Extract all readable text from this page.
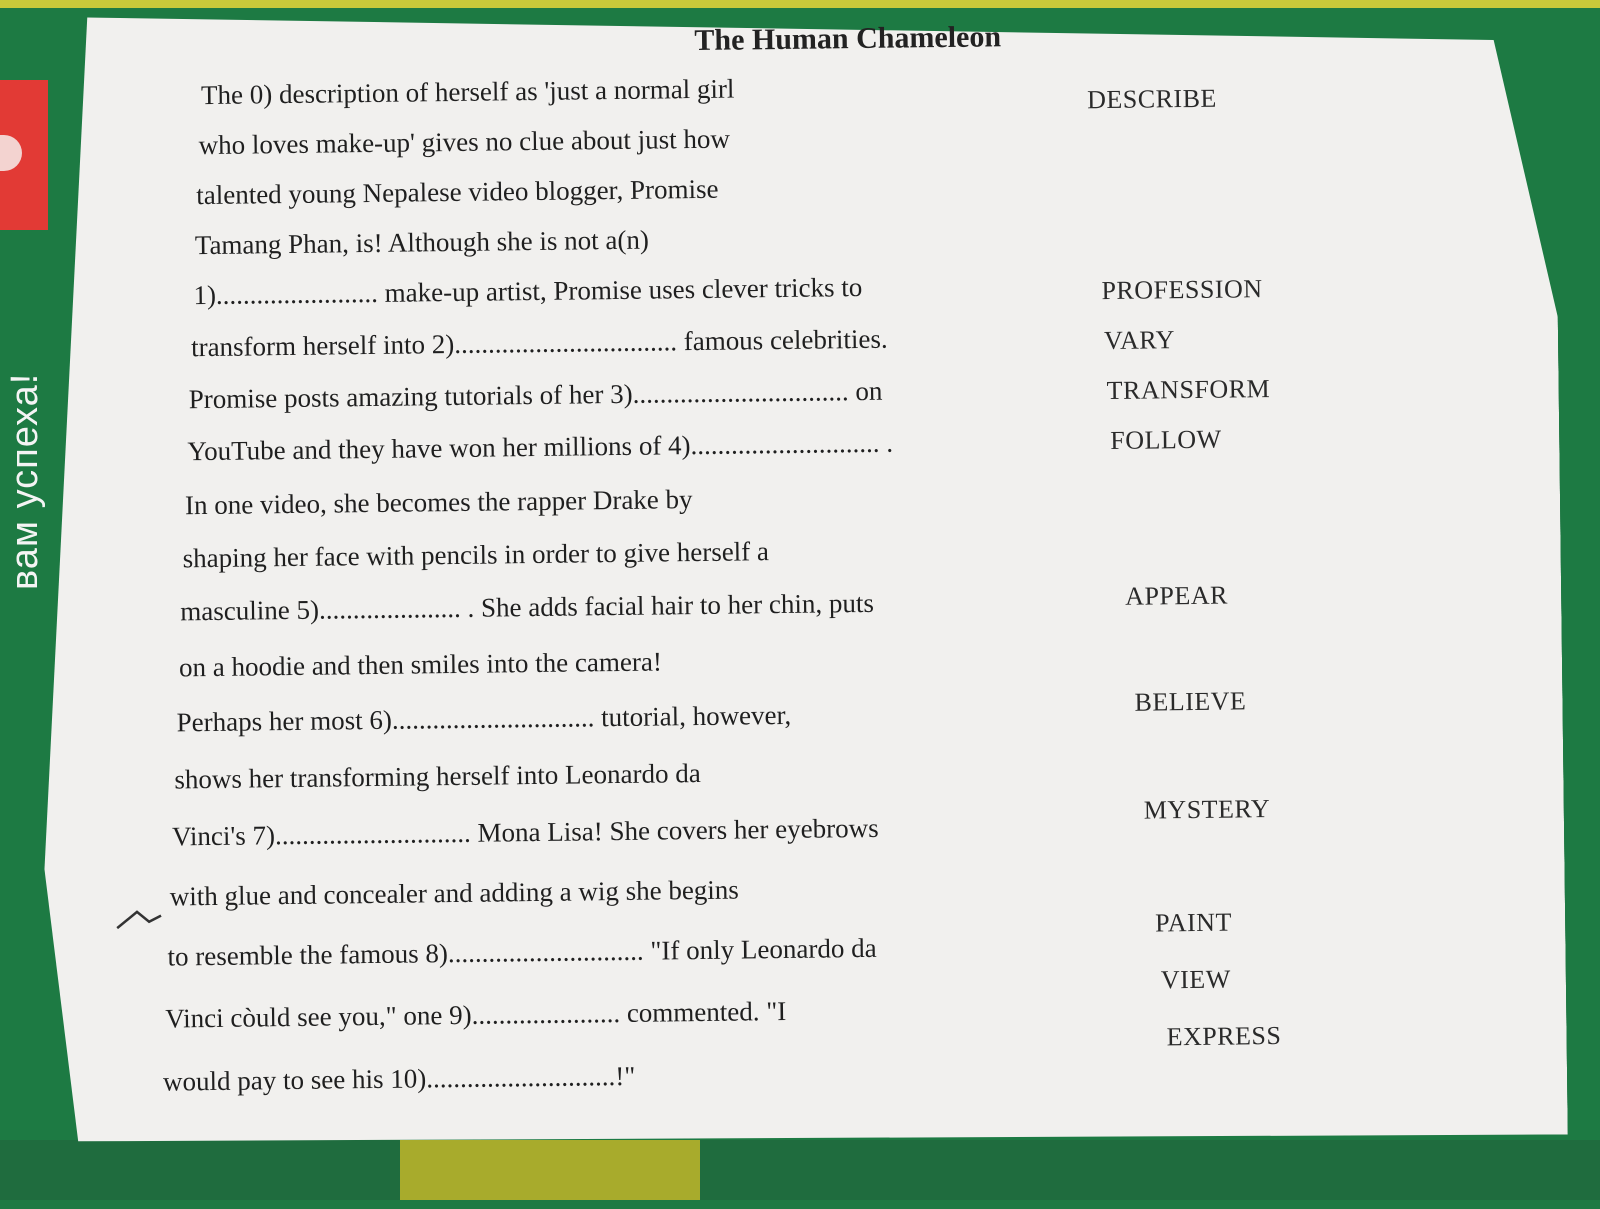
вам успеха!
The Human Chameleon
The 0) description of herself as 'just a normal girl
who loves make-up' gives no clue about just how
talented young Nepalese video blogger, Promise
Tamang Phan, is! Although she is not a(n)
1)........................ make-up artist, Promise uses clever tricks to
transform herself into 2)................................. famous celebrities.
Promise posts amazing tutorials of her 3)................................ on
YouTube and they have won her millions of 4)............................ .
In one video, she becomes the rapper Drake by
shaping her face with pencils in order to give herself a
masculine 5)..................... . She adds facial hair to her chin, puts
on a hoodie and then smiles into the camera!
Perhaps her most 6).............................. tutorial, however,
shows her transforming herself into Leonardo da
Vinci's 7)............................. Mona Lisa! She covers her eyebrows
with glue and concealer and adding a wig she begins
to resemble the famous 8)............................. "If only Leonardo da
Vinci còuld see you," one 9)...................... commented. "I
would pay to see his 10)............................!"
DESCRIBE
PROFESSION
VARY
TRANSFORM
FOLLOW
APPEAR
BELIEVE
MYSTERY
PAINT
VIEW
EXPRESS
